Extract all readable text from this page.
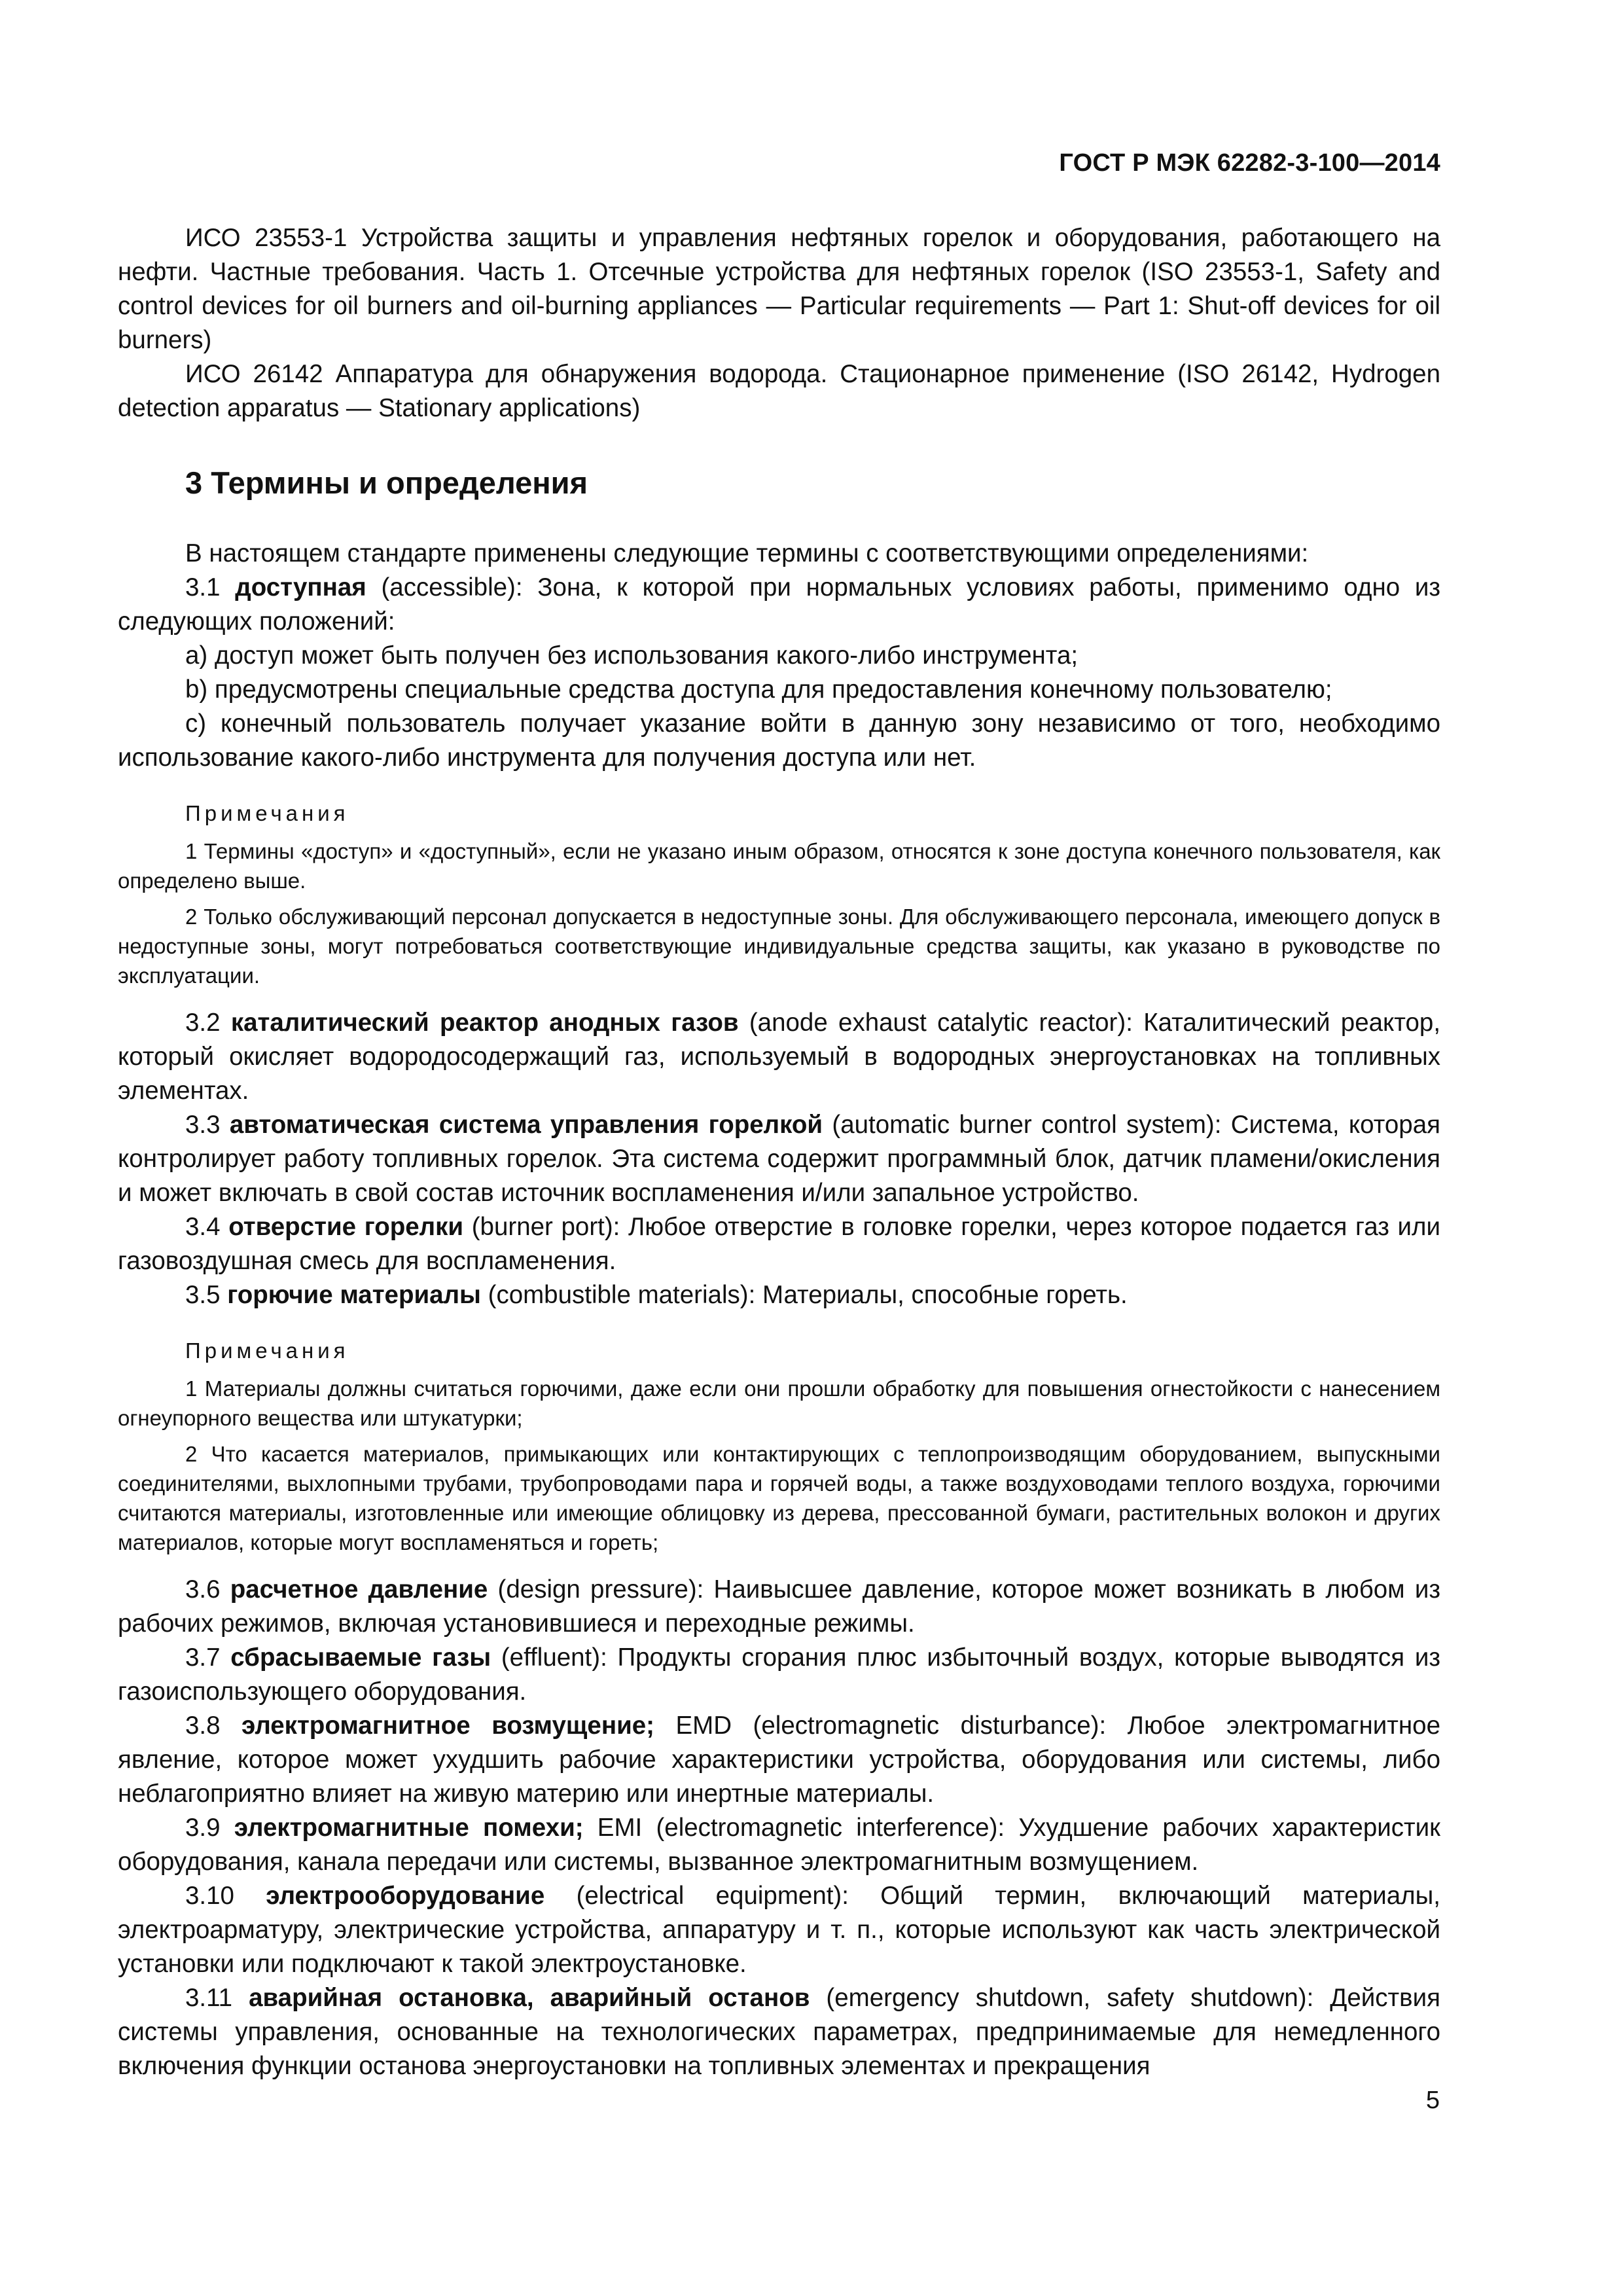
ГОСТ Р МЭК 62282-3-100—2014

ИСО 23553-1 Устройства защиты и управления нефтяных горелок и оборудования, работающего на нефти. Частные требования. Часть 1. Отсечные устройства для нефтяных горелок (ISO 23553-1, Safety and control devices for oil burners and oil-burning appliances — Particular requirements — Part 1: Shut-off devices for oil burners)

ИСО 26142 Аппаратура для обнаружения водорода. Стационарное применение (ISO 26142, Hydrogen detection apparatus — Stationary applications)

3 Термины и определения

В настоящем стандарте применены следующие термины с соответствующими определениями:

3.1 доступная (accessible): Зона, к которой при нормальных условиях работы, применимо одно из следующих положений:

a) доступ может быть получен без использования какого-либо инструмента;

b) предусмотрены специальные средства доступа для предоставления конечному пользователю;

c) конечный пользователь получает указание войти в данную зону независимо от того, необходимо использование какого-либо инструмента для получения доступа или нет.

Примечания

1 Термины «доступ» и «доступный», если не указано иным образом, относятся к зоне доступа конечного пользователя, как определено выше.

2 Только обслуживающий персонал допускается в недоступные зоны. Для обслуживающего персонала, имеющего допуск в недоступные зоны, могут потребоваться соответствующие индивидуальные средства защиты, как указано в руководстве по эксплуатации.

3.2 каталитический реактор анодных газов (anode exhaust catalytic reactor): Каталитический реактор, который окисляет водородосодержащий газ, используемый в водородных энергоустановках на топливных элементах.

3.3 автоматическая система управления горелкой (automatic burner control system): Система, которая контролирует работу топливных горелок. Эта система содержит программный блок, датчик пламени/окисления и может включать в свой состав источник воспламенения и/или запальное устройство.

3.4 отверстие горелки (burner port): Любое отверстие в головке горелки, через которое подается газ или газовоздушная смесь для воспламенения.

3.5 горючие материалы (combustible materials): Материалы, способные гореть.

Примечания

1 Материалы должны считаться горючими, даже если они прошли обработку для повышения огнестойкости с нанесением огнеупорного вещества или штукатурки;

2 Что касается материалов, примыкающих или контактирующих с теплопроизводящим оборудованием, выпускными соединителями, выхлопными трубами, трубопроводами пара и горячей воды, а также воздуховодами теплого воздуха, горючими считаются материалы, изготовленные или имеющие облицовку из дерева, прессованной бумаги, растительных волокон и других материалов, которые могут воспламеняться и гореть;

3.6 расчетное давление (design pressure): Наивысшее давление, которое может возникать в любом из рабочих режимов, включая установившиеся и переходные режимы.

3.7 сбрасываемые газы (effluent): Продукты сгорания плюс избыточный воздух, которые выводятся из газоиспользующего оборудования.

3.8 электромагнитное возмущение; EMD (electromagnetic disturbance): Любое электромагнитное явление, которое может ухудшить рабочие характеристики устройства, оборудования или системы, либо неблагоприятно влияет на живую материю или инертные материалы.

3.9 электромагнитные помехи; EMI (electromagnetic interference): Ухудшение рабочих характеристик оборудования, канала передачи или системы, вызванное электромагнитным возмущением.

3.10 электрооборудование (electrical equipment): Общий термин, включающий материалы, электроарматуру, электрические устройства, аппаратуру и т. п., которые используют как часть электрической установки или подключают к такой электроустановке.

3.11 аварийная остановка, аварийный останов (emergency shutdown, safety shutdown): Действия системы управления, основанные на технологических параметрах, предпринимаемые для немедленного включения функции останова энергоустановки на топливных элементах и прекращения

5
